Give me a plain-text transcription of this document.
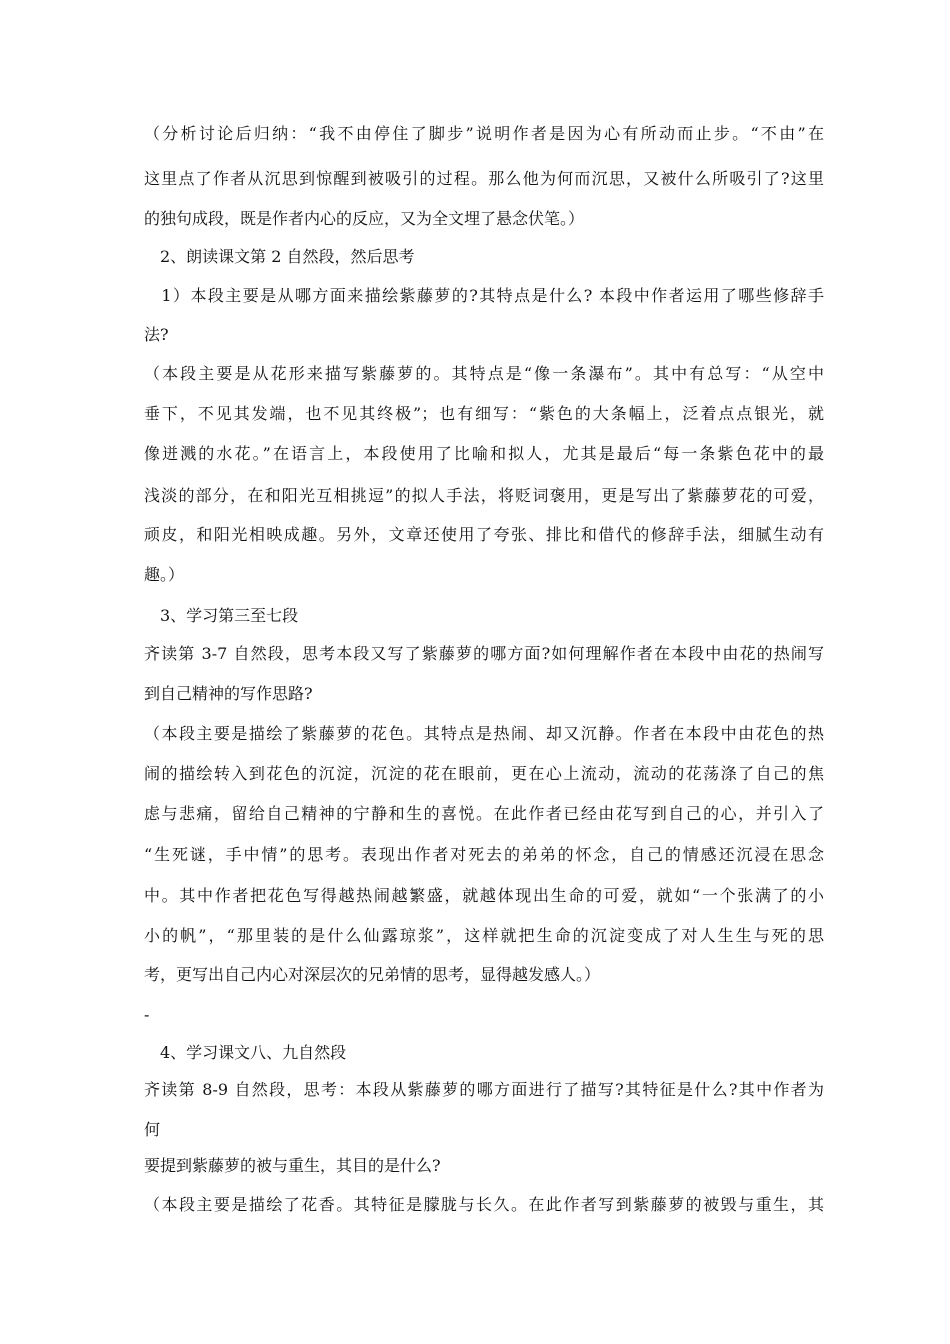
（分析讨论后归纳：“我不由停住了脚步”说明作者是因为心有所动而止步。“不由”在
这里点了作者从沉思到惊醒到被吸引的过程。那么他为何而沉思，又被什么所吸引了?这里
的独句成段，既是作者内心的反应，又为全文埋了悬念伏笔。）
　2、朗读课文第 2 自然段，然后思考
　1）本段主要是从哪方面来描绘紫藤萝的?其特点是什么? 本段中作者运用了哪些修辞手
法?
（本段主要是从花形来描写紫藤萝的。其特点是“像一条瀑布”。其中有总写：“从空中
垂下，不见其发端，也不见其终极”；也有细写：“紫色的大条幅上，泛着点点银光，就
像迸溅的水花。”在语言上，本段使用了比喻和拟人，尤其是最后“每一条紫色花中的最
浅淡的部分，在和阳光互相挑逗”的拟人手法，将贬词褒用，更是写出了紫藤萝花的可爱，
顽皮，和阳光相映成趣。另外，文章还使用了夸张、排比和借代的修辞手法，细腻生动有
趣。）
　3、学习第三至七段
齐读第 3-7 自然段，思考本段又写了紫藤萝的哪方面?如何理解作者在本段中由花的热闹写
到自己精神的写作思路?
（本段主要是描绘了紫藤萝的花色。其特点是热闹、却又沉静。作者在本段中由花色的热
闹的描绘转入到花色的沉淀，沉淀的花在眼前，更在心上流动，流动的花荡涤了自己的焦
虑与悲痛，留给自己精神的宁静和生的喜悦。在此作者已经由花写到自己的心，并引入了
“生死谜，手中情”的思考。表现出作者对死去的弟弟的怀念，自己的情感还沉浸在思念
中。其中作者把花色写得越热闹越繁盛，就越体现出生命的可爱，就如“一个张满了的小
小的帆”，“那里装的是什么仙露琼浆”，这样就把生命的沉淀变成了对人生生与死的思
考，更写出自己内心对深层次的兄弟情的思考，显得越发感人。）
-
　4、学习课文八、九自然段
齐读第 8-9 自然段，思考：本段从紫藤萝的哪方面进行了描写?其特征是什么?其中作者为
何
要提到紫藤萝的被与重生，其目的是什么?
（本段主要是描绘了花香。其特征是朦胧与长久。在此作者写到紫藤萝的被毁与重生，其
